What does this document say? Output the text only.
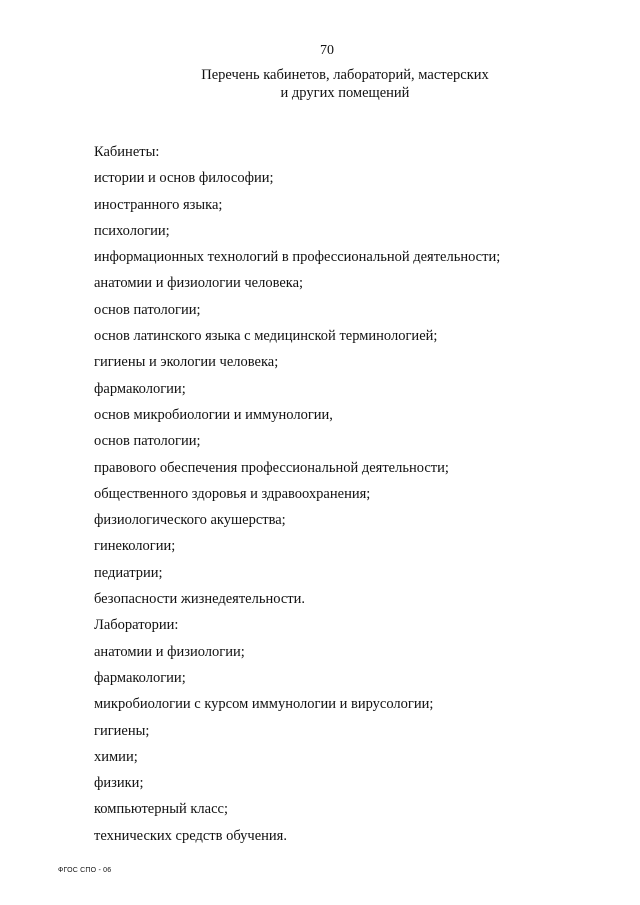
70
Перечень кабинетов, лабораторий, мастерских
и других помещений
Кабинеты:
истории и основ философии;
иностранного языка;
психологии;
информационных технологий в профессиональной деятельности;
анатомии и физиологии человека;
основ патологии;
основ латинского языка с медицинской терминологией;
гигиены и экологии человека;
фармакологии;
основ микробиологии и иммунологии,
основ патологии;
правового обеспечения профессиональной деятельности;
общественного здоровья и здравоохранения;
физиологического акушерства;
гинекологии;
педиатрии;
безопасности жизнедеятельности.
Лаборатории:
анатомии и физиологии;
фармакологии;
микробиологии с курсом иммунологии и вирусологии;
гигиены;
химии;
физики;
компьютерный класс;
технических средств обучения.
ФГОС СПО - 06
